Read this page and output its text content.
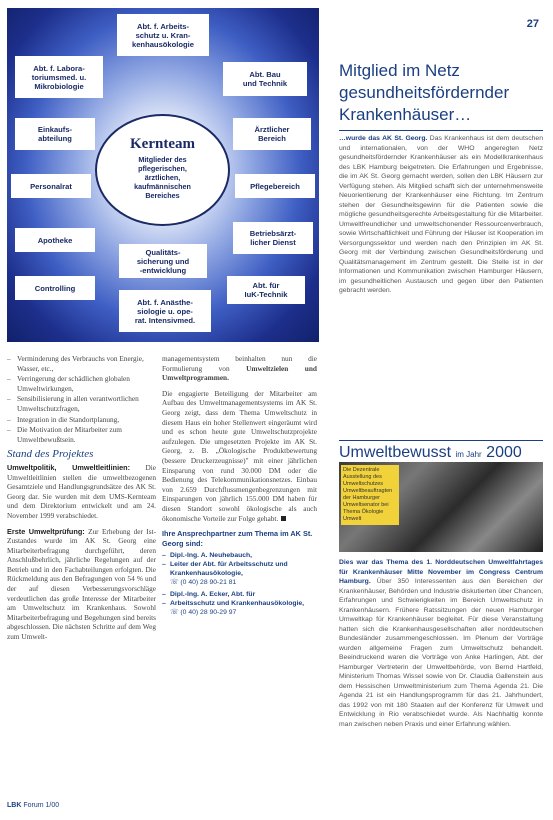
27
Abt. f. Arbeits-
schutz u. Kran-
kenhausökologie
Abt. f. Labora-
toriumsmed. u.
Mikrobiologie
Abt. Bau
und Technik
Einkaufs-
abteilung
Ärztlicher
Bereich
Personalrat	Pflegebereich
Apotheke
Betriebsärzt-
licher Dienst
Qualitäts-
sicherung und
-entwicklung
Controlling	Abt. für
IuK-Technik
Abt. f. Anästhe-
siologie u. ope-
rat. Intensivmed.
Kernteam
Mitglieder des
pflegerischen,
ärztlichen,
kaufmännischen
Bereiches
– Verminderung des Verbrauchs von Energie, Wasser, etc.,
– Verringerung der schädlichen globalen Umweltwirkungen,
– Sensibilisierung in allen verantwortlichen Umweltschutzfragen,
– Integration in die Standortplanung,
– Die Motivation der Mitarbeiter zum Umweltbewußtsein.
Stand des Projektes

Umweltpolitik, Umweltleitlinien: Die Umweltleitlinien stellen die umweltbezogenen Gesamtziele und Handlungsgrundsätze des AK St. Georg dar. Sie wurden mit dem UMS-Kernteam und dem Direktorium entwickelt und am 24. November 1999 verabschiedet.

Erste Umweltprüfung: Zur Erhebung der Ist-Zustandes wurde im AK St. Georg eine Mitarbeiterbefragung durchgeführt, deren Anschlußbehrlich, jährliche Regelungen auf der Betrieb und in den Fachabteilungen erfolgten. Die Rückmeldung aus den Befragungen von 54 % und der auf diesen Verbesserungsvorschläge verdeutlichen das große Interesse der Mitarbeiter am Umweltschutz im Krankenhaus. Sowohl Mitarbeiterbefragung und Begehungen sind bereits abgeschlossen. Die nächsten Schritte auf dem Weg zum Umwelt-

managementsystem beinhalten nun die Formulierung von Umweltzielen und Umweltprogrammen.

Die engagierte Beteiligung der Mitarbeiter am Aufbau des Umweltmanagementsystems im AK St. Georg zeigt, dass dem Thema Umweltschutz in diesem Haus ein hoher Stellenwert eingeräumt wird und es schon heute gute Umweltschutzprojekte aufzulegen. Die umgesetzten Projekte im AK St. Georg, z. B. „Ökologische Produktbewertung (bessere Druckerzeugnisse)" mit einer jährlichen Einsparung von rund 30.000 DM oder die Bedienung des Telekommunikationsnetzes. Einbau von 2.659 Durchflussmengenbegrenzungen mit Einsparungen von jährlich 155.000 DM haben für diesen Standort sowohl ökologische als auch ökonomische Vorteile zur Folge gehabt.

Ihre Ansprechpartner zum Thema im AK St. Georg sind:
– Dipl.-Ing. A. Neuhebauch,
– Leiter der Abt. für Arbeitsschutz und Krankenhausökologie,
☏ (0 40) 28 90-21 81
– Dipl.-Ing. A. Ecker, Abt. für
– Arbeitsschutz und Krankenhausökologie,
☏ (0 40) 28 90-29 97
Mitglied im Netz gesundheitsfördernder Krankenhäuser…

…wurde das AK St. Georg. Das Krankenhaus ist dem deutschen und internationalen, von der WHO angeregten Netz gesundheitsfördernder Krankenhäuser als ein Modellkrankenhaus des LBK Hamburg beigetreten. Die Erfahrungen und Ergebnisse, die im AK St. Georg gemacht werden, sollen den LBK Häusern zur Verfügung stehen. Als Mitglied schafft sich der unternehmensweite Neuorientierung der Krankenhäuser eine Richtung. Im Zentrum stehen der Gesundheitsgewinn für die Patienten sowie die mögliche gesundheitsgerechte Arbeitsgestaltung für die Mitarbeiter. Umweltfreundlicher und umweltschonender Ressourcenverbrauch, sowie Wirtschaftlichkeit und Führung der Häuser ist Kooperation im Versorgungssektor und werden nach den Prinzipien im AK St. Georg mit der Verbindung zwischen Gesundheitsförderung und Qualitätsmanagement im Zentrum gestellt. Die Stelle ist in der Informationen und Kommunikation zwischen Hamburger Häusern, im gesundheitlichen Austausch und gegen über den Patienten gebracht werden.

Umweltbewusst im Jahr 2000
Die Dezentrale Ausstellung des Umweltschutzes Umweltbeauftragten der Hamburger Umweltsenator bei Thema Ökologie Umwelt

Dies war das Thema des 1. Norddeutschen Umweltfahrtages für Krankenhäuser Mitte November im Congress Centrum Hamburg. Über 350 Interessenten aus den Bereichen der Krankenhäuser, Behörden und Industrie diskutierten über Chancen, Erfahrungen und Schwierigkeiten im Bereich Umweltschutz in Krankenhäusern. Frühere Ratssitzungen der neuen Hamburger Umweltkap für Krankenhäuser begleitet. Für diese Veranstaltung hatten sich die Krankenhausgesellschaften aller norddeutschen Bundesländer zusammengeschlossen. Im Plenum der Vorträge wurden allgemeine Fragen zum Umweltschutz behandelt. Beeindruckend waren die Vorträge von Anke Harlingen, Abt. der Hamburger Vertreterin der Umweltbehörde, von Bernd Hartfeld, Ministerium Thomas Wissel sowie von Dr. Claudia Gallenstein aus dem Hessischen Umweltministerium zum Thema Agenda 21. Die Agenda 21 ist ein Handlungsprogramm für das 21. Jahrhundert, das 1992 von mit 180 Staaten auf der Konferenz für Umwelt und Entwicklung in Rio verabschiedet wurde. Als Nachhaltig konnte man zwischen neben Praxis und einer Erfahrung wählen.

LBK Forum 1/00
